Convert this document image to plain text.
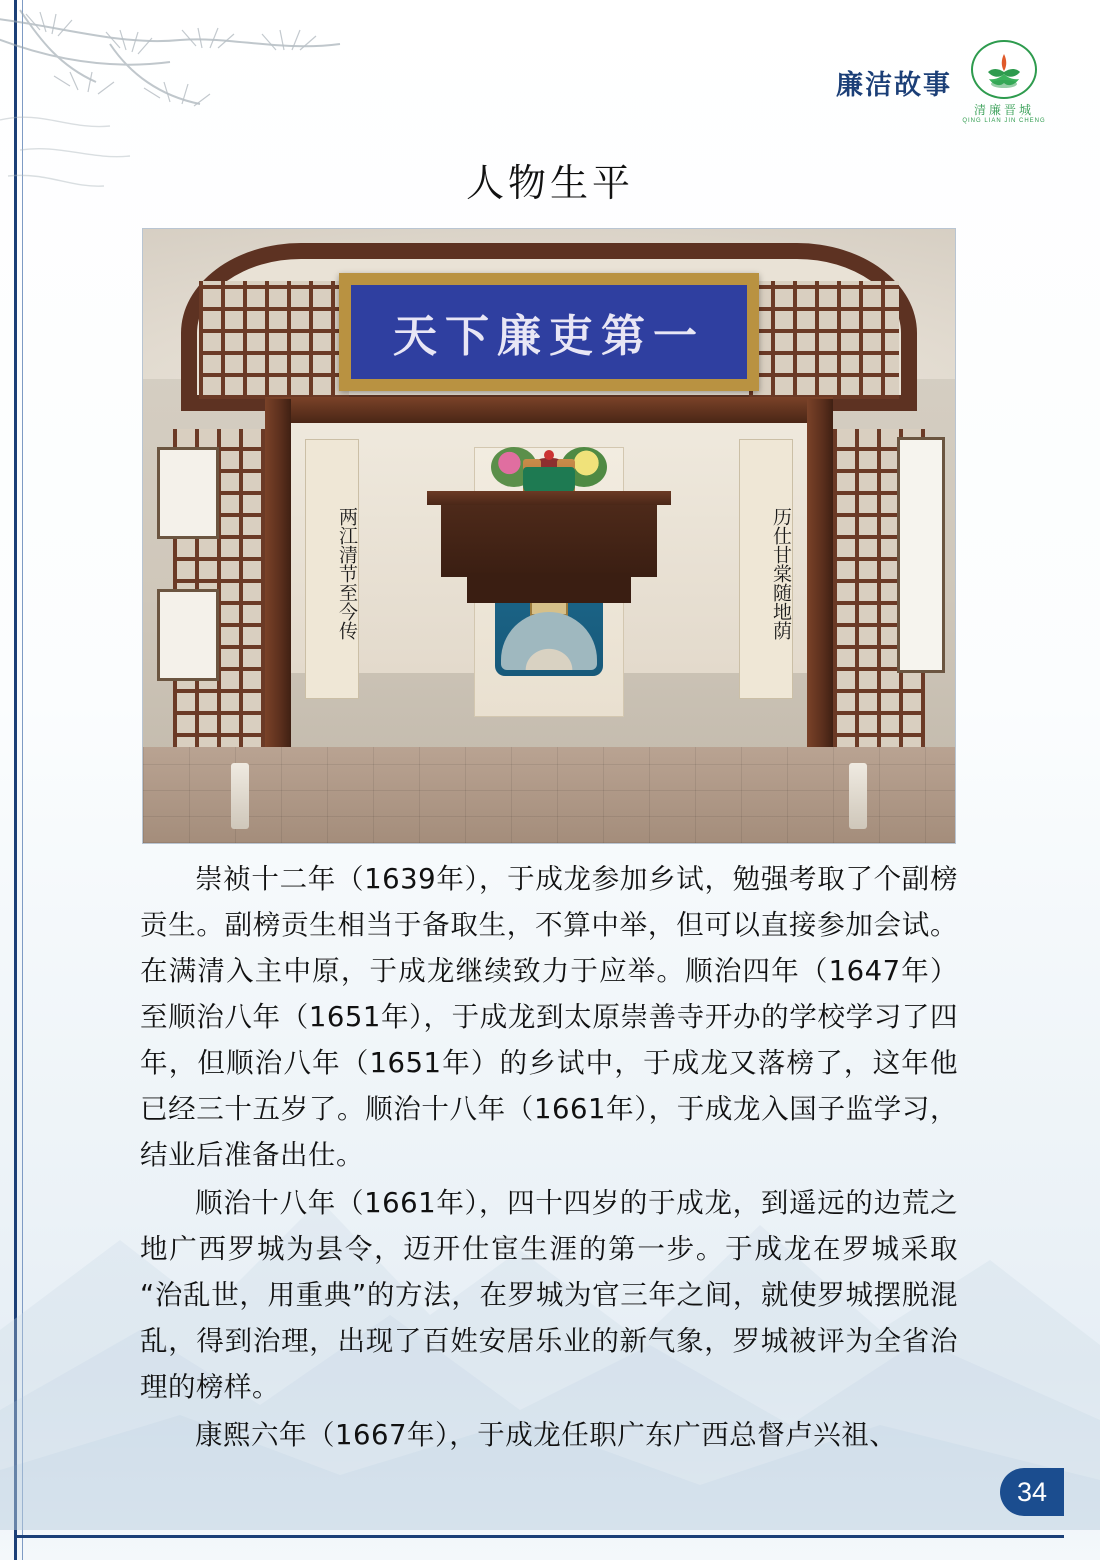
廉洁故事
清廉晋城
QING LIAN JIN CHENG
人物生平
天下廉吏第一
两江清节至今传	历仕甘棠随地荫

崇祯十二年（1639年），于成龙参加乡试，勉强考取了个副榜贡生。副榜贡生相当于备取生，不算中举，但可以直接参加会试。在满清入主中原，于成龙继续致力于应举。顺治四年（1647年）至顺治八年（1651年），于成龙到太原崇善寺开办的学校学习了四年，但顺治八年（1651年）的乡试中，于成龙又落榜了，这年他已经三十五岁了。顺治十八年（1661年），于成龙入国子监学习，结业后准备出仕。

顺治十八年（1661年），四十四岁的于成龙，到遥远的边荒之地广西罗城为县令，迈开仕宦生涯的第一步。于成龙在罗城采取“治乱世，用重典”的方法，在罗城为官三年之间，就使罗城摆脱混乱，得到治理，出现了百姓安居乐业的新气象，罗城被评为全省治理的榜样。

康熙六年（1667年），于成龙任职广东广西总督卢兴祖、

34
